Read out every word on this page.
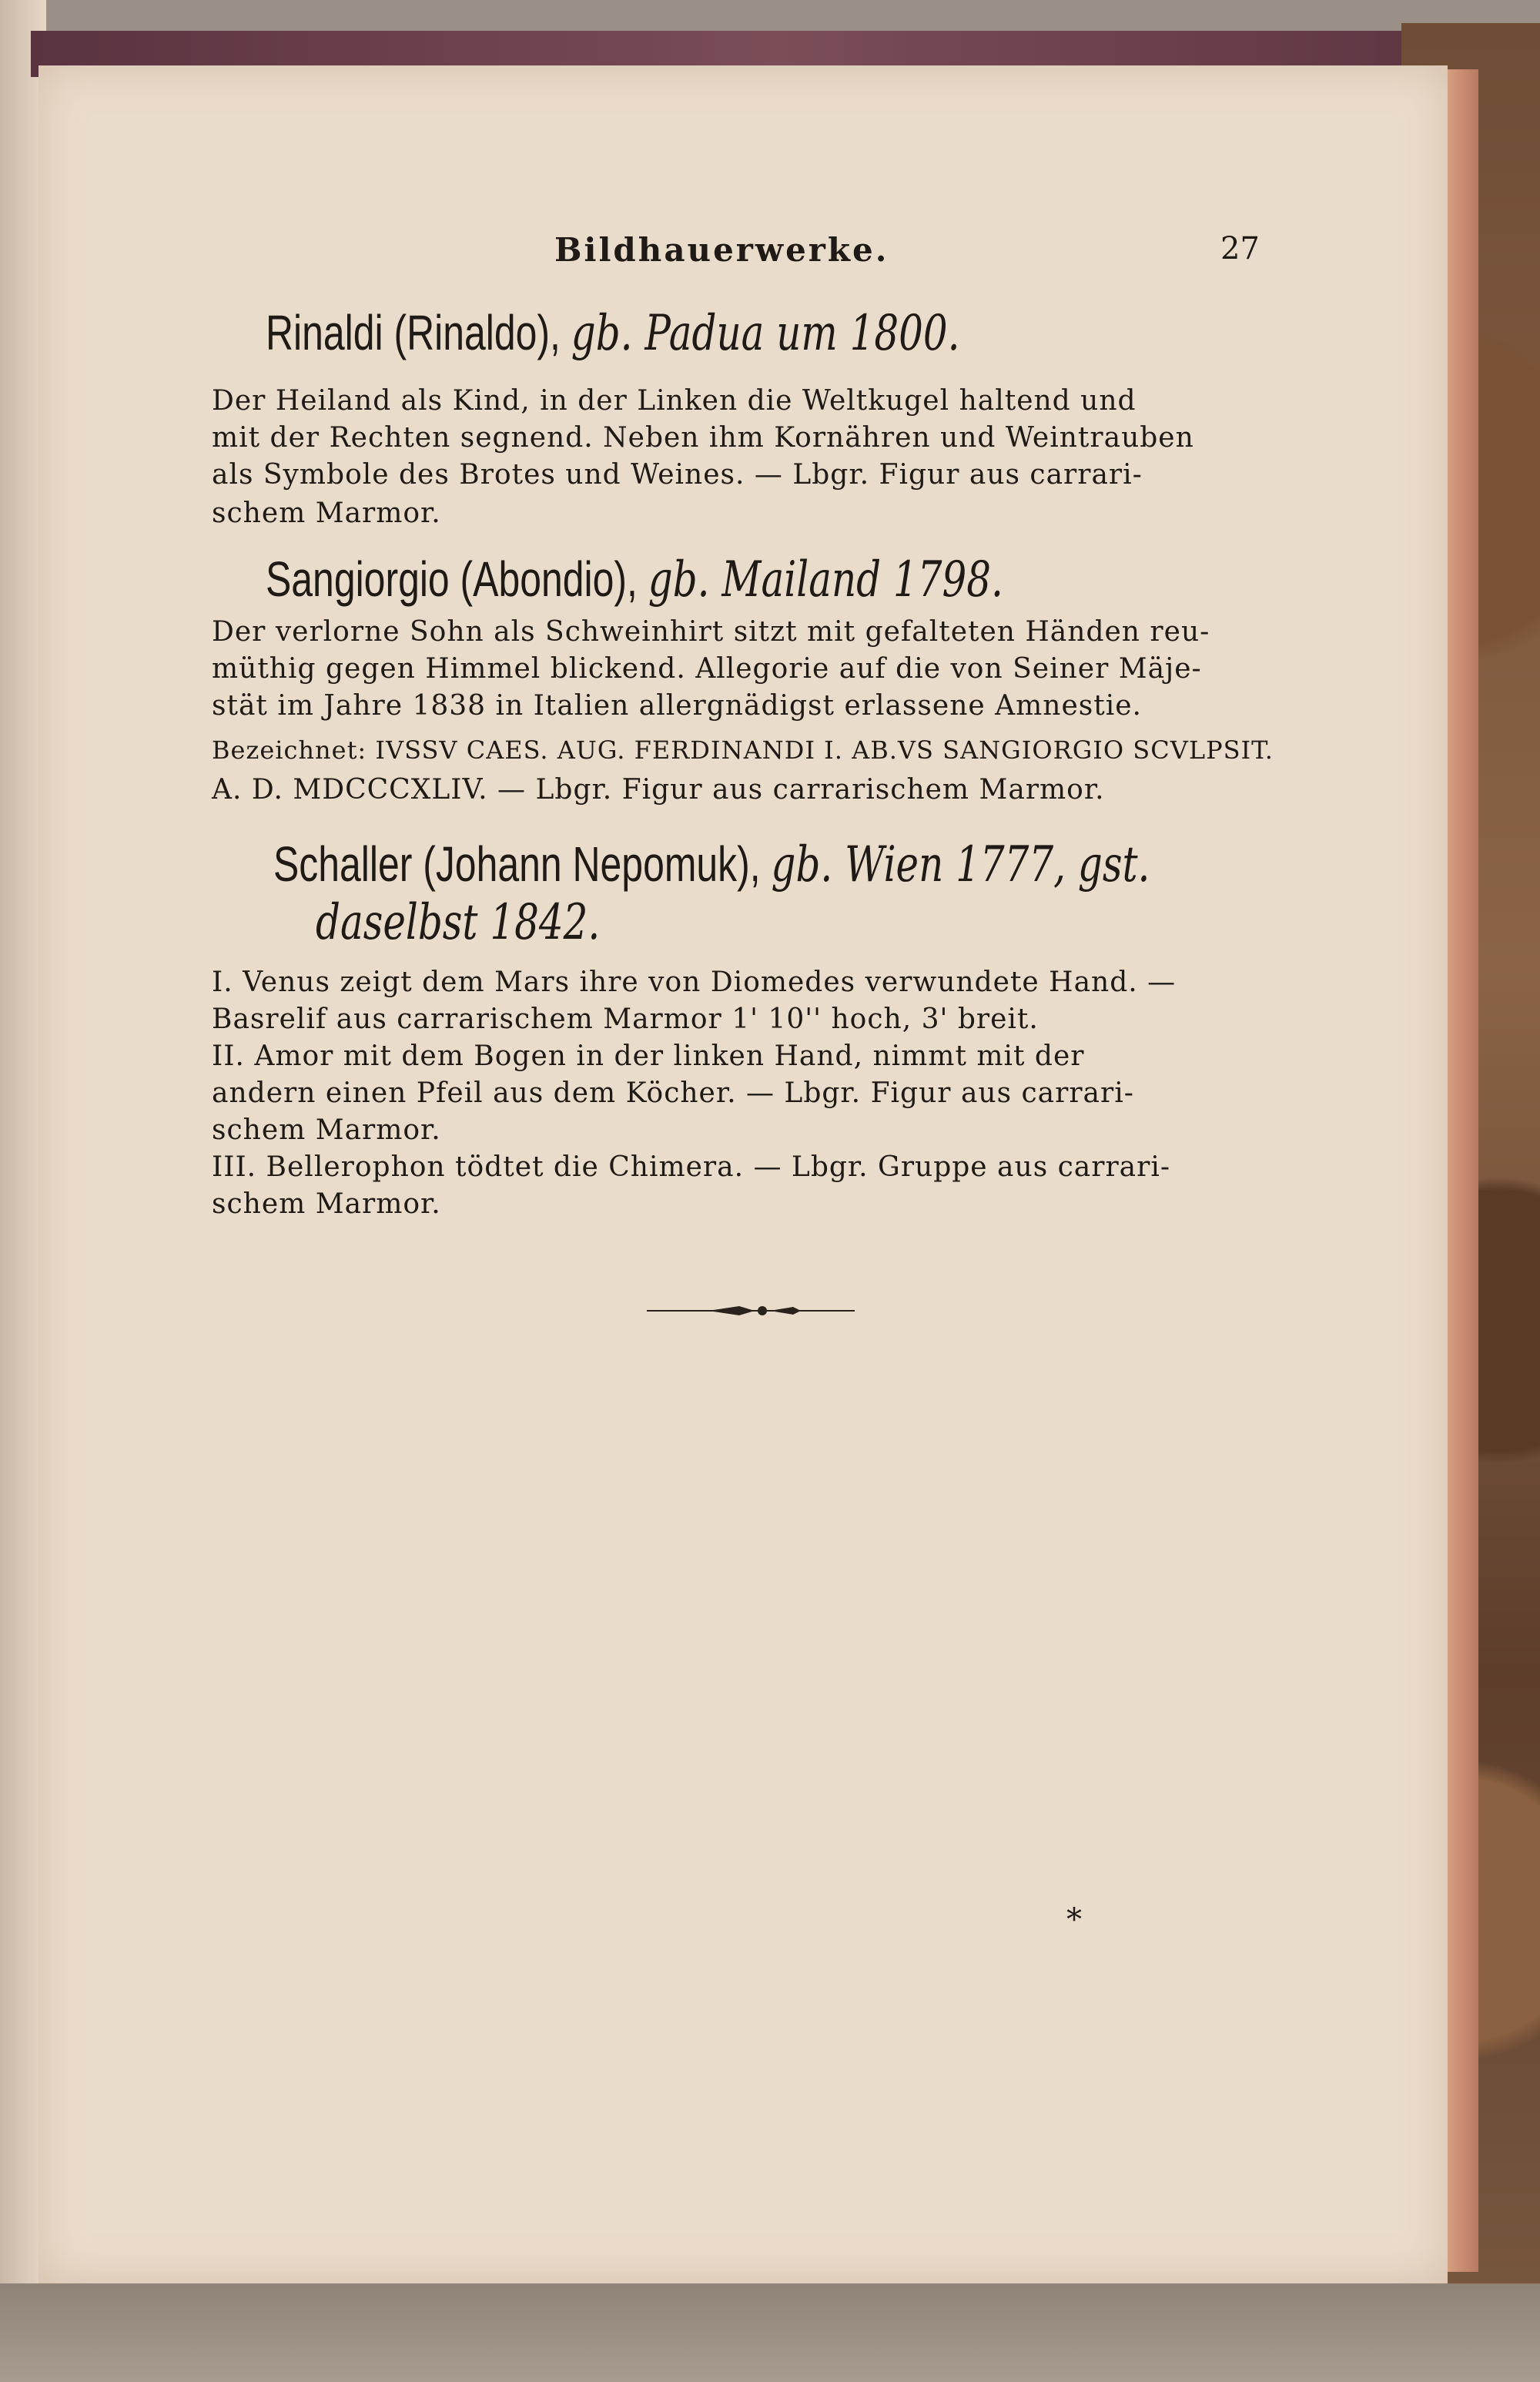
Bildhauerwerke.	27
Rinaldi (Rinaldo), gb. Padua um 1800.
Der Heiland als Kind, in der Linken die Weltkugel haltend und
mit der Rechten segnend. Neben ihm Kornähren und Weintrauben
als Symbole des Brotes und Weines. — Lbgr. Figur aus carrari-
schem Marmor.
Sangiorgio (Abondio), gb. Mailand 1798.
Der verlorne Sohn als Schweinhirt sitzt mit gefalteten Händen reu-
müthig gegen Himmel blickend. Allegorie auf die von Seiner Mäje-
stät im Jahre 1838 in Italien allergnädigst erlassene Amnestie.
Bezeichnet: IVSSV CAES. AUG. FERDINANDI I. AB.VS SANGIORGIO SCVLPSIT.
A. D. MDCCCXLIV. — Lbgr. Figur aus carrarischem Marmor.
Schaller (Johann Nepomuk), gb. Wien 1777, gst.
daselbst 1842.
I. Venus zeigt dem Mars ihre von Diomedes verwundete Hand. —
Basrelif aus carrarischem Marmor 1' 10'' hoch, 3' breit.
II. Amor mit dem Bogen in der linken Hand, nimmt mit der
andern einen Pfeil aus dem Köcher. — Lbgr. Figur aus carrari-
schem Marmor.
III. Bellerophon tödtet die Chimera. — Lbgr. Gruppe aus carrari-
schem Marmor.
*
